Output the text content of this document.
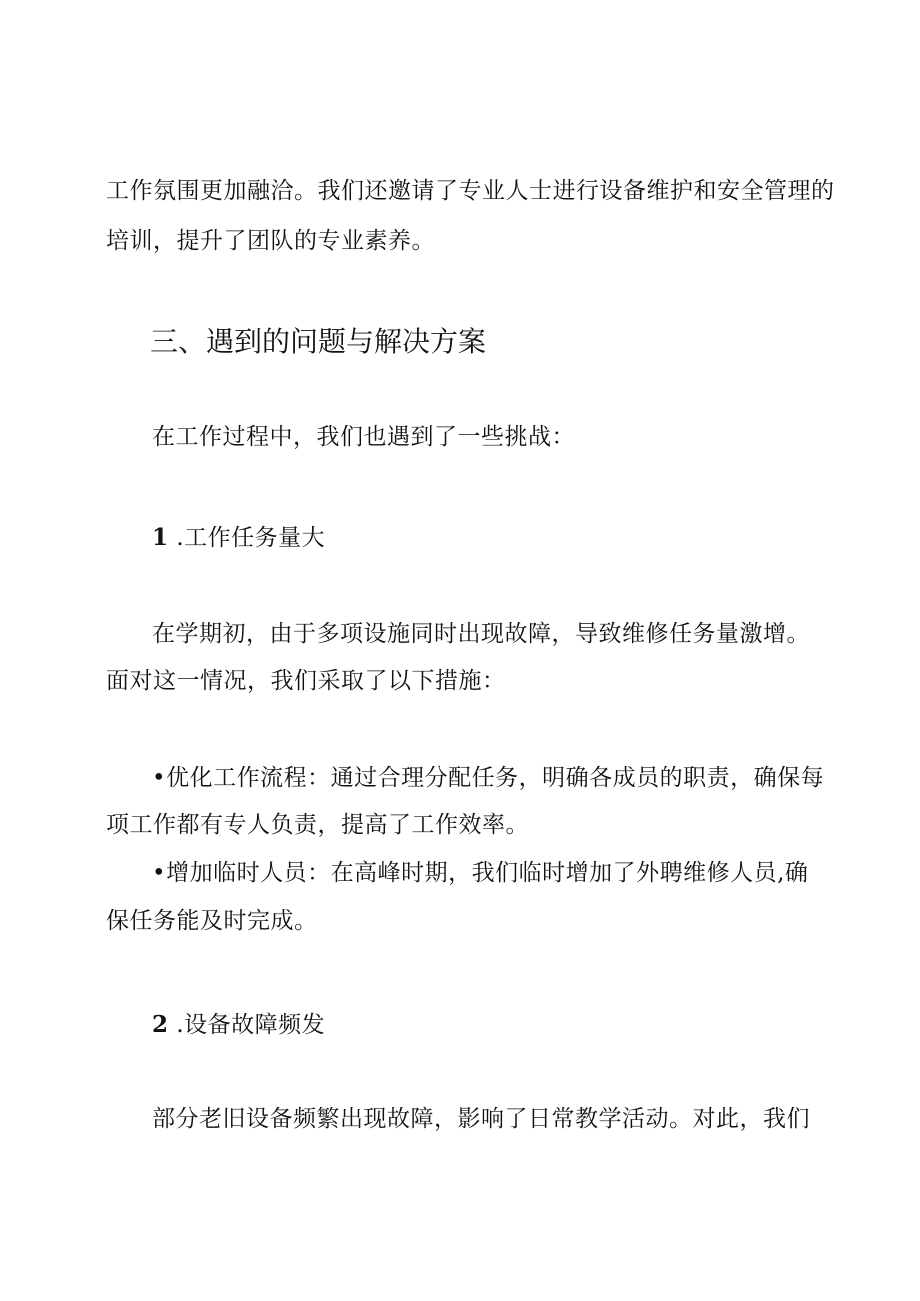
工作氛围更加融洽。我们还邀请了专业人士进行设备维护和安全管理的
培训，提升了团队的专业素养。
三、遇到的问题与解决方案
在工作过程中，我们也遇到了一些挑战：
1 .工作任务量大
在学期初，由于多项设施同时出现故障，导致维修任务量激增。
面对这一情况，我们采取了以下措施：
•优化工作流程：通过合理分配任务，明确各成员的职责，确保每
项工作都有专人负责，提高了工作效率。
•增加临时人员：在高峰时期，我们临时增加了外聘维修人员,确
保任务能及时完成。
2 .设备故障频发
部分老旧设备频繁出现故障，影响了日常教学活动。对此，我们
